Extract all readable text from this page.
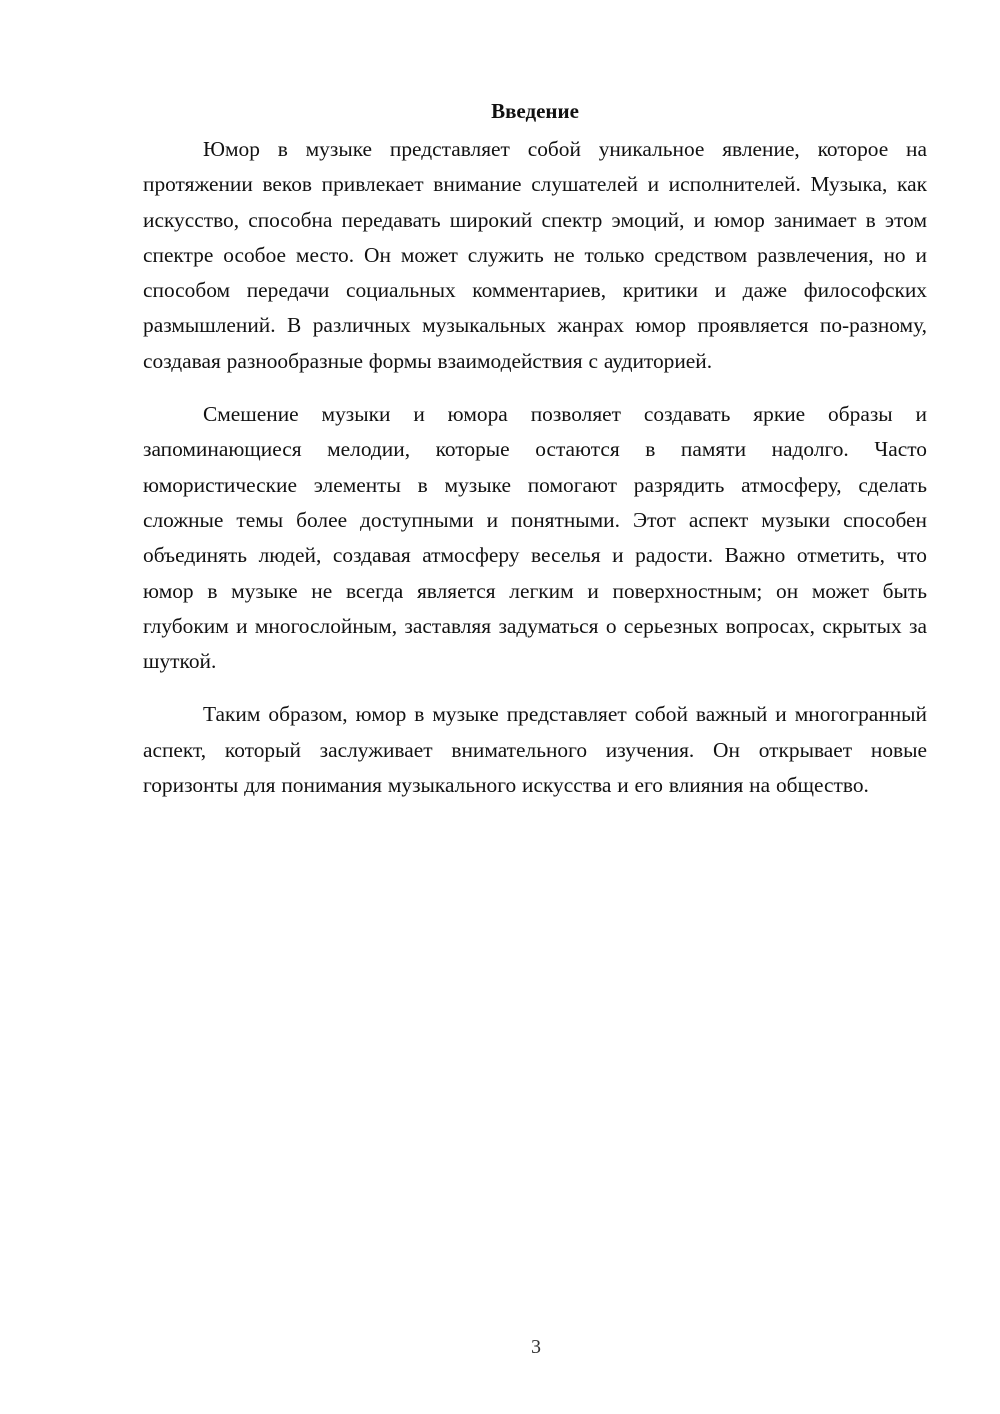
Введение

Юмор в музыке представляет собой уникальное явление, которое на протяжении веков привлекает внимание слушателей и исполнителей. Музыка, как искусство, способна передавать широкий спектр эмоций, и юмор занимает в этом спектре особое место. Он может служить не только средством развлечения, но и способом передачи социальных комментариев, критики и даже философских размышлений. В различных музыкальных жанрах юмор проявляется по-разному, создавая разнообразные формы взаимодействия с аудиторией.

Смешение музыки и юмора позволяет создавать яркие образы и запоминающиеся мелодии, которые остаются в памяти надолго. Часто юмористические элементы в музыке помогают разрядить атмосферу, сделать сложные темы более доступными и понятными. Этот аспект музыки способен объединять людей, создавая атмосферу веселья и радости. Важно отметить, что юмор в музыке не всегда является легким и поверхностным; он может быть глубоким и многослойным, заставляя задуматься о серьезных вопросах, скрытых за шуткой.

Таким образом, юмор в музыке представляет собой важный и многогранный аспект, который заслуживает внимательного изучения. Он открывает новые горизонты для понимания музыкального искусства и его влияния на общество.

3
